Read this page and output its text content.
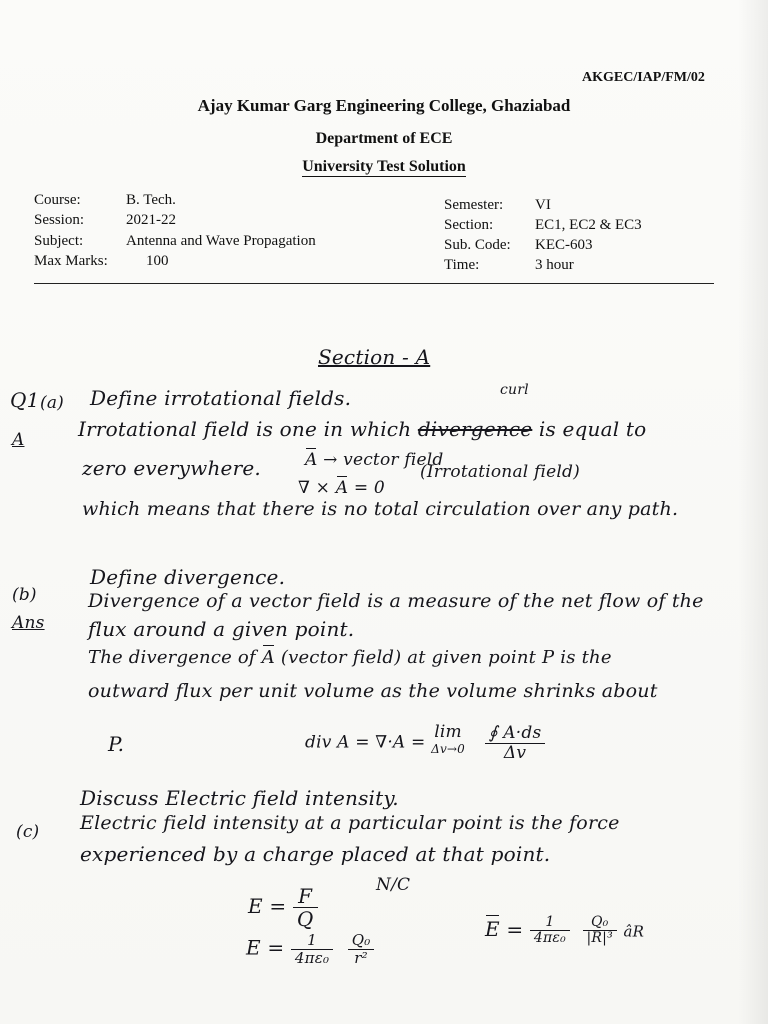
AKGEC/IAP/FM/02
Ajay Kumar Garg Engineering College, Ghaziabad
Department of ECE
University Test Solution
Course:	B. Tech.
Session:	2021-22
Subject:	Antenna and Wave Propagation
Max Marks:	100
Semester: VI
Section:	EC1, EC2 & EC3
Sub. Code: KEC-603
Time:	3 hour
Section - A
Q1 (a) Define irrotational fields.	curl
A	Irrotational field is one in which divergence is equal to
zero everywhere.	A → vector field
∇ × A = 0
(Irrotational field)
which means that there is no total circulation over any path.
(b)
Ans
Define divergence.
Divergence of a vector field is a measure of the net flow of the
flux around a given point.
The divergence of A (vector field) at given point P is the
outward flux per unit volume as the volume shrinks about
P.	div A = ∇·A = lim
Δv→0
$\frac{∮ A\cdot ds}{\Delta v}$
Discuss Electric field intensity.
(c) Electric field intensity at a particular point is the force
experienced by a charge placed at that point.
$E = \frac{F}{Q}$	N/C
$E = \frac{1}{\text{4πε₀}}$
$\frac{\text{Q₀}}{\text{r²}}$
$E = \frac{1}{\text{4πε₀}}$
$\frac{\text{Q₀}}{\text{|R|³}}$ âR
